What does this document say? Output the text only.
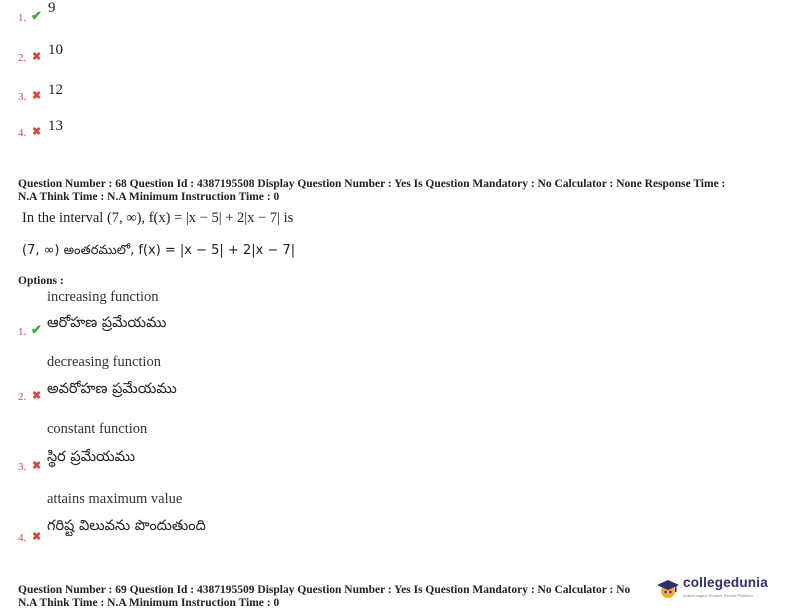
1. ✔ 9
2. ✖ 10
3. ✖ 12
4. ✖ 13
Question Number : 68 Question Id : 4387195508 Display Question Number : Yes Is Question Mandatory : No Calculator : None Response Time :
N.A Think Time : N.A Minimum Instruction Time : 0
In the interval (7, ∞), f(x) = |x − 5| + 2|x − 7| is
(7, ∞) అంతరములో, f(x) = |x − 5| + 2|x − 7|
Options :
increasing function
1. ✔ ఆరోహణ ప్రమేయము
decreasing function
2. ✖ అవరోహణ ప్రమేయము
constant function
3. ✖
స్థిర ప్రమేయము
attains maximum value
4. ✖
గరిష్ట విలువను పొందుతుంది
Question Number : 69 Question Id : 4387195509 Display Question Number : Yes Is Question Mandatory : No Calculator : No
N.A Think Time : N.A Minimum Instruction Time : 0
collegedunia
India's largest Student Review Platform
